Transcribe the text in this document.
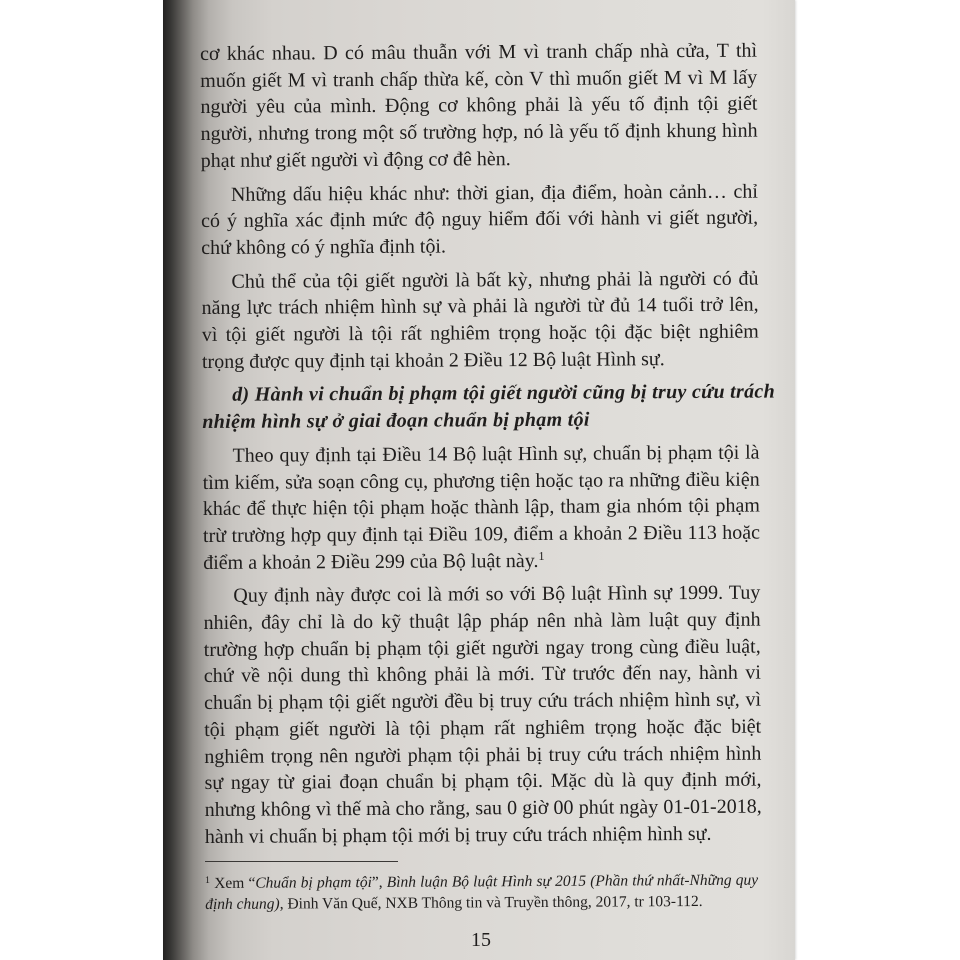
cơ khác nhau. D có mâu thuẫn với M vì tranh chấp nhà cửa, T thì
muốn giết M vì tranh chấp thừa kế, còn V thì muốn giết M vì M lấy
người yêu của mình. Động cơ không phải là yếu tố định tội giết
người, nhưng trong một số trường hợp, nó là yếu tố định khung hình
phạt như giết người vì động cơ đê hèn.
Những dấu hiệu khác như: thời gian, địa điểm, hoàn cảnh… chỉ
có ý nghĩa xác định mức độ nguy hiểm đối với hành vi giết người,
chứ không có ý nghĩa định tội.
Chủ thể của tội giết người là bất kỳ, nhưng phải là người có đủ
năng lực trách nhiệm hình sự và phải là người từ đủ 14 tuổi trở lên,
vì tội giết người là tội rất nghiêm trọng hoặc tội đặc biệt nghiêm
trọng được quy định tại khoản 2 Điều 12 Bộ luật Hình sự.
d) Hành vi chuẩn bị phạm tội giết người cũng bị truy cứu trách
nhiệm hình sự ở giai đoạn chuẩn bị phạm tội
Theo quy định tại Điều 14 Bộ luật Hình sự, chuẩn bị phạm tội là
tìm kiếm, sửa soạn công cụ, phương tiện hoặc tạo ra những điều kiện
khác để thực hiện tội phạm hoặc thành lập, tham gia nhóm tội phạm
trừ trường hợp quy định tại Điều 109, điểm a khoản 2 Điều 113 hoặc
điểm a khoản 2 Điều 299 của Bộ luật này.$^1$
Quy định này được coi là mới so với Bộ luật Hình sự 1999. Tuy
nhiên, đây chỉ là do kỹ thuật lập pháp nên nhà làm luật quy định
trường hợp chuẩn bị phạm tội giết người ngay trong cùng điều luật,
chứ về nội dung thì không phải là mới. Từ trước đến nay, hành vi
chuẩn bị phạm tội giết người đều bị truy cứu trách nhiệm hình sự, vì
tội phạm giết người là tội phạm rất nghiêm trọng hoặc đặc biệt
nghiêm trọng nên người phạm tội phải bị truy cứu trách nhiệm hình
sự ngay từ giai đoạn chuẩn bị phạm tội. Mặc dù là quy định mới,
nhưng không vì thế mà cho rằng, sau 0 giờ 00 phút ngày 01-01-2018,
hành vi chuẩn bị phạm tội mới bị truy cứu trách nhiệm hình sự.
$^1$ Xem “Chuẩn bị phạm tội”, Bình luận Bộ luật Hình sự 2015 (Phần thứ nhất-Những quy
định chung), Đinh Văn Quế, NXB Thông tin và Truyền thông, 2017, tr 103-112.
15
